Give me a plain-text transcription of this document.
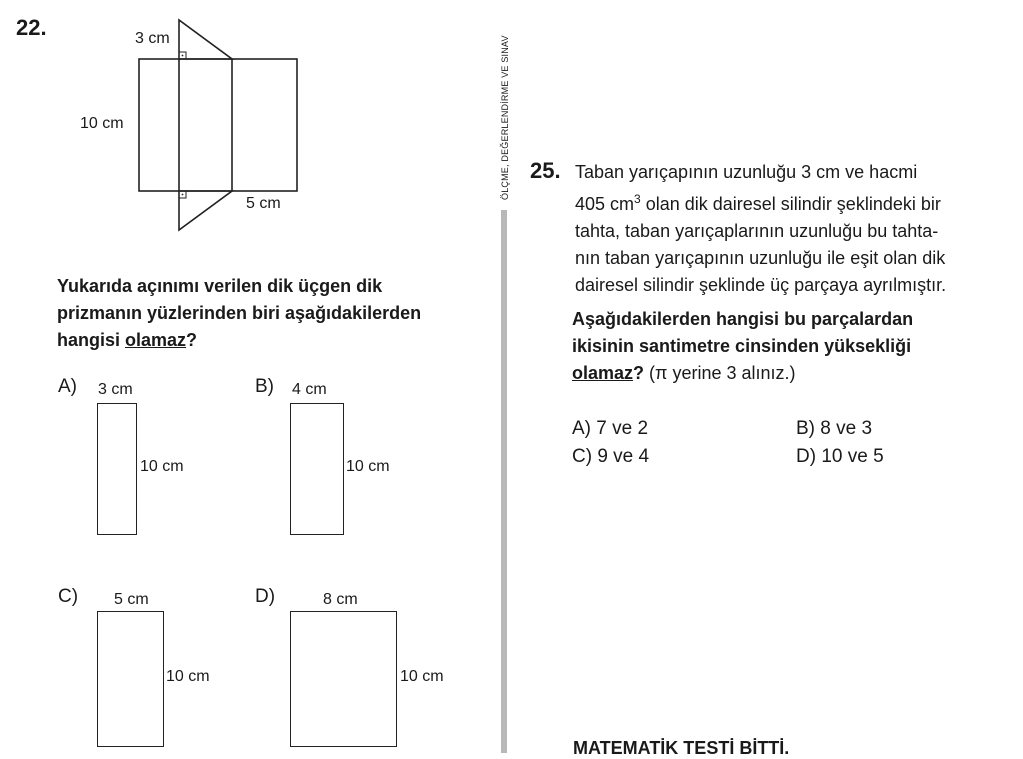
22.	3 cm
10 cm
5 cm
Yukarıda açınımı verilen dik üçgen dik
prizmanın yüzlerinden biri aşağıdakilerden
hangisi olamaz?
A) 3 cm
10 cm
B) 4 cm
10 cm
C) 5 cm
10 cm
D)	8 cm
10 cm
ÖLÇME, DEĞERLENDİRME VE SINAV 25. Taban yarıçapının uzunluğu 3 cm ve hacmi
405 $cm^3$ olan dik dairesel silindir şeklindeki bir
tahta, taban yarıçaplarının uzunluğu bu tahta-
nın taban yarıçapının uzunluğu ile eşit olan dik
dairesel silindir şeklinde üç parçaya ayrılmıştır.
Aşağıdakilerden hangisi bu parçalardan
ikisinin santimetre cinsinden yüksekliği
olamaz? (π yerine 3 alınız.)
A) 7 ve 2	B) 8 ve 3
C) 9 ve 4	D) 10 ve 5
MATEMATİK TESTİ BİTTİ.
